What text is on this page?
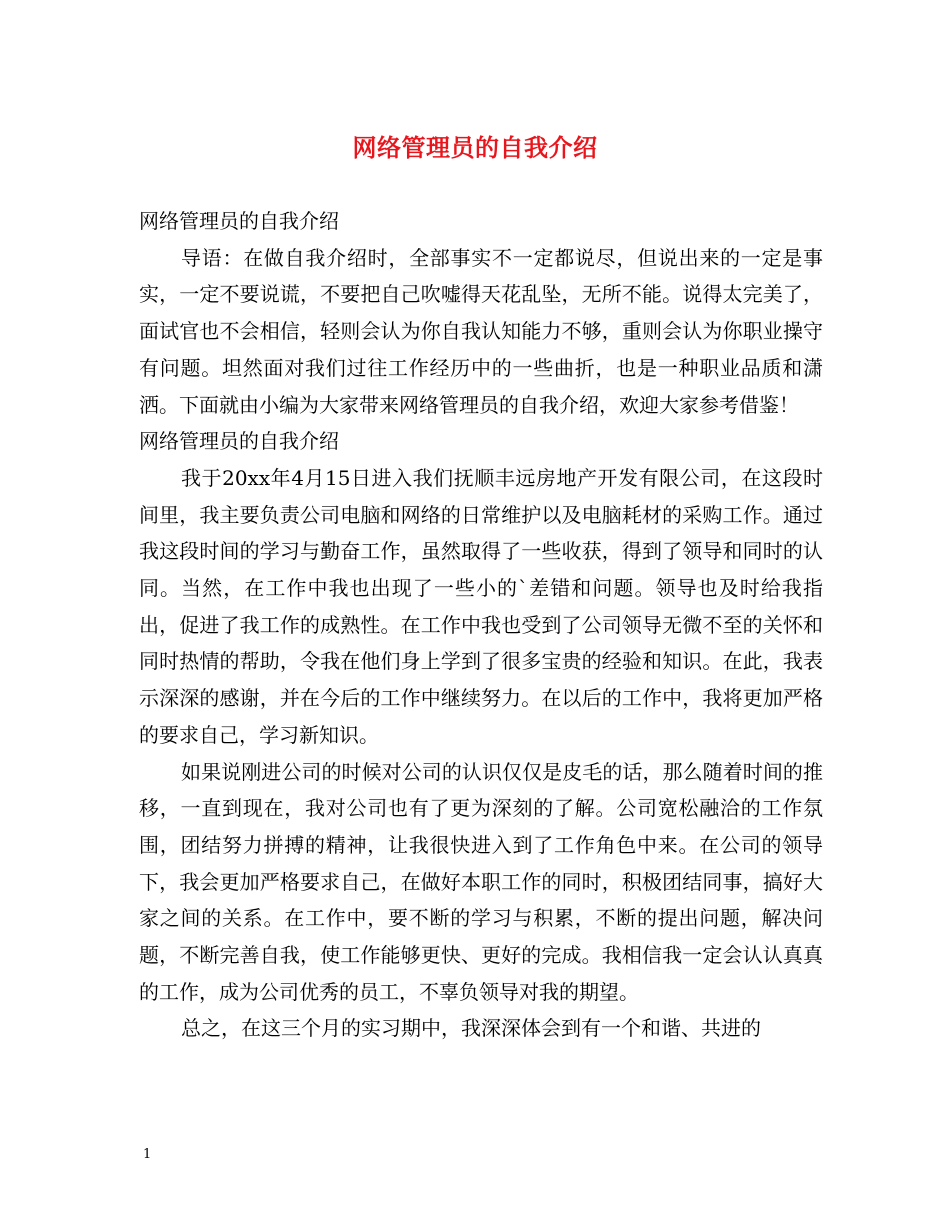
网络管理员的自我介绍

网络管理员的自我介绍

导语：在做自我介绍时，全部事实不一定都说尽，但说出来的一定是事实，一定不要说谎，不要把自己吹嘘得天花乱坠，无所不能。说得太完美了，面试官也不会相信，轻则会认为你自我认知能力不够，重则会认为你职业操守有问题。坦然面对我们过往工作经历中的一些曲折，也是一种职业品质和潇洒。下面就由小编为大家带来网络管理员的自我介绍，欢迎大家参考借鉴！

网络管理员的自我介绍

我于20xx年4月15日进入我们抚顺丰远房地产开发有限公司，在这段时间里，我主要负责公司电脑和网络的日常维护以及电脑耗材的采购工作。通过我这段时间的学习与勤奋工作，虽然取得了一些收获，得到了领导和同时的认同。当然，在工作中我也出现了一些小的`差错和问题。领导也及时给我指出，促进了我工作的成熟性。在工作中我也受到了公司领导无微不至的关怀和同时热情的帮助，令我在他们身上学到了很多宝贵的经验和知识。在此，我表示深深的感谢，并在今后的工作中继续努力。在以后的工作中，我将更加严格的要求自己，学习新知识。

如果说刚进公司的时候对公司的认识仅仅是皮毛的话，那么随着时间的推移，一直到现在，我对公司也有了更为深刻的了解。公司宽松融洽的工作氛围，团结努力拼搏的精神，让我很快进入到了工作角色中来。在公司的领导下，我会更加严格要求自己，在做好本职工作的同时，积极团结同事，搞好大家之间的关系。在工作中，要不断的学习与积累，不断的提出问题，解决问题，不断完善自我，使工作能够更快、更好的完成。我相信我一定会认认真真的工作，成为公司优秀的员工，不辜负领导对我的期望。

总之，在这三个月的实习期中，我深深体会到有一个和谐、共进的

1
